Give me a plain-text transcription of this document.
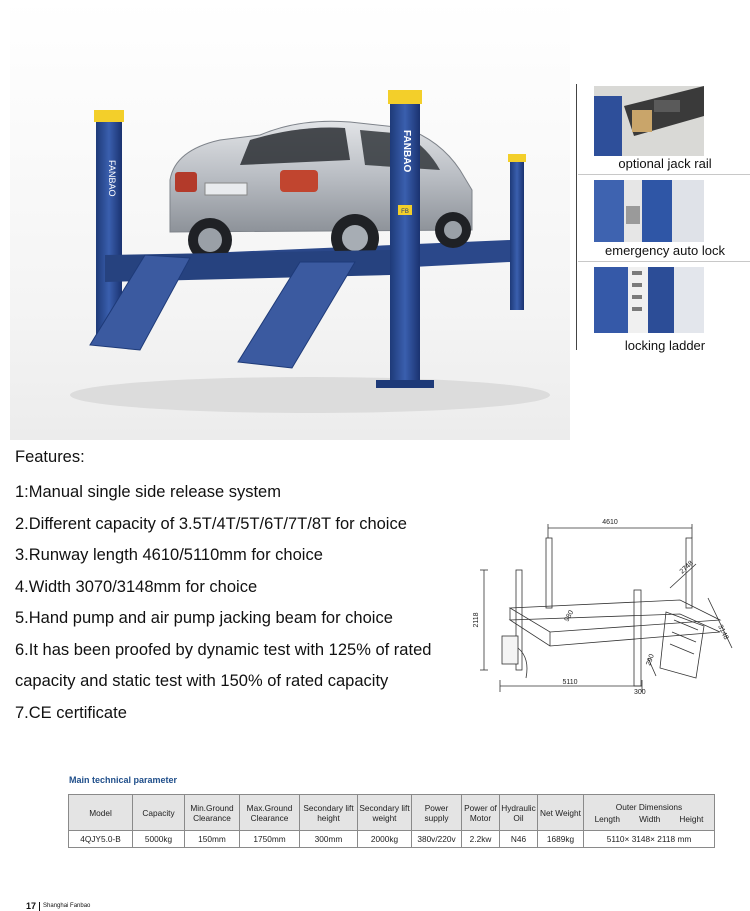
FANBAO
FANBAO
FB
optional jack rail
emergency auto lock
locking ladder
Features:
1:Manual single side release system
2.Different capacity of 3.5T/4T/5T/6T/7T/8T for choice
3.Runway length 4610/5110mm for choice
4.Width 3070/3148mm for choice
5.Hand pump and air pump jacking beam for choice
6.It has been proofed by dynamic test with 125% of rated
capacity and static test with 150% of rated capacity
7.CE certificate
4610
5110
2118
2748
3148
980
290
300
Main technical parameter
Model	Capacity	Min.Ground Clearance	Max.Ground Clearance	Secondary lift height	Secondary lift weight	Power supply	Power of Motor	Hydraulic Oil	Net Weight	Outer Dimensions
Length Width Height

4QJY5.0-B	5000kg	150mm	1750mm	300mm	2000kg	380v/220v	2.2kw	N46	1689kg	5110× 3148× 2118 mm
17 Shanghai Fanbao
